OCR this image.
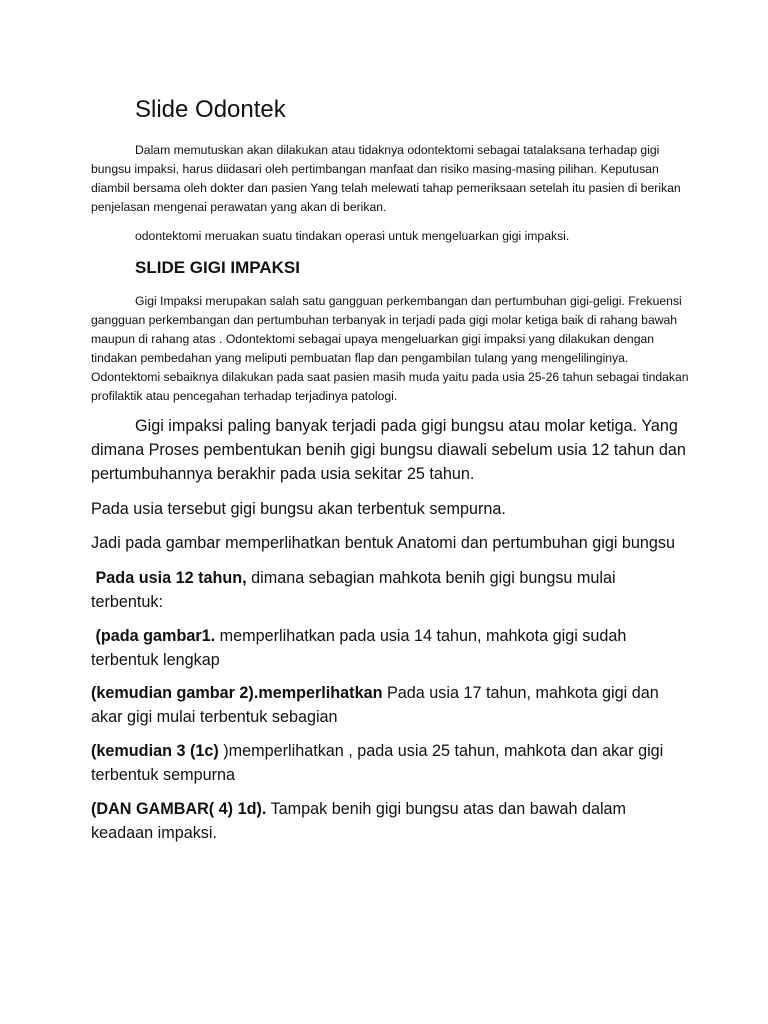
Slide Odontek
Dalam memutuskan akan dilakukan atau tidaknya odontektomi sebagai tatalaksana terhadap gigi bungsu impaksi, harus diidasari oleh pertimbangan manfaat dan risiko masing-masing pilihan. Keputusan diambil bersama oleh dokter dan pasien Yang telah melewati tahap pemeriksaan setelah itu pasien di berikan penjelasan mengenai perawatan yang akan di berikan.
odontektomi meruakan suatu tindakan operasi untuk mengeluarkan gigi impaksi.
SLIDE GIGI IMPAKSI
Gigi Impaksi merupakan salah satu gangguan perkembangan dan pertumbuhan gigi-geligi. Frekuensi gangguan perkembangan dan pertumbuhan terbanyak in terjadi pada gigi molar ketiga baik di rahang bawah maupun di rahang atas . Odontektomi sebagai upaya mengeluarkan gigi impaksi yang dilakukan dengan tindakan pembedahan yang meliputi pembuatan flap dan pengambilan tulang yang mengelilinginya. Odontektomi sebaiknya dilakukan pada saat pasien masih muda yaitu pada usia 25-26 tahun sebagai tindakan profilaktik atau pencegahan terhadap terjadinya patologi.
Gigi impaksi paling banyak terjadi pada gigi bungsu atau molar ketiga. Yang dimana Proses pembentukan benih gigi bungsu diawali sebelum usia 12 tahun dan pertumbuhannya berakhir pada usia sekitar 25 tahun.
Pada usia tersebut gigi bungsu akan terbentuk sempurna.
Jadi pada gambar memperlihatkan bentuk Anatomi dan pertumbuhan gigi bungsu
Pada usia 12 tahun, dimana sebagian mahkota benih gigi bungsu mulai terbentuk:
(pada gambar1. memperlihatkan pada usia 14 tahun, mahkota gigi sudah terbentuk lengkap
(kemudian gambar 2).memperlihatkan Pada usia 17 tahun, mahkota gigi dan akar gigi mulai terbentuk sebagian
(kemudian 3 (1c) )memperlihatkan , pada usia 25 tahun, mahkota dan akar gigi terbentuk sempurna
(DAN GAMBAR( 4) 1d). Tampak benih gigi bungsu atas dan bawah dalam keadaan impaksi.
